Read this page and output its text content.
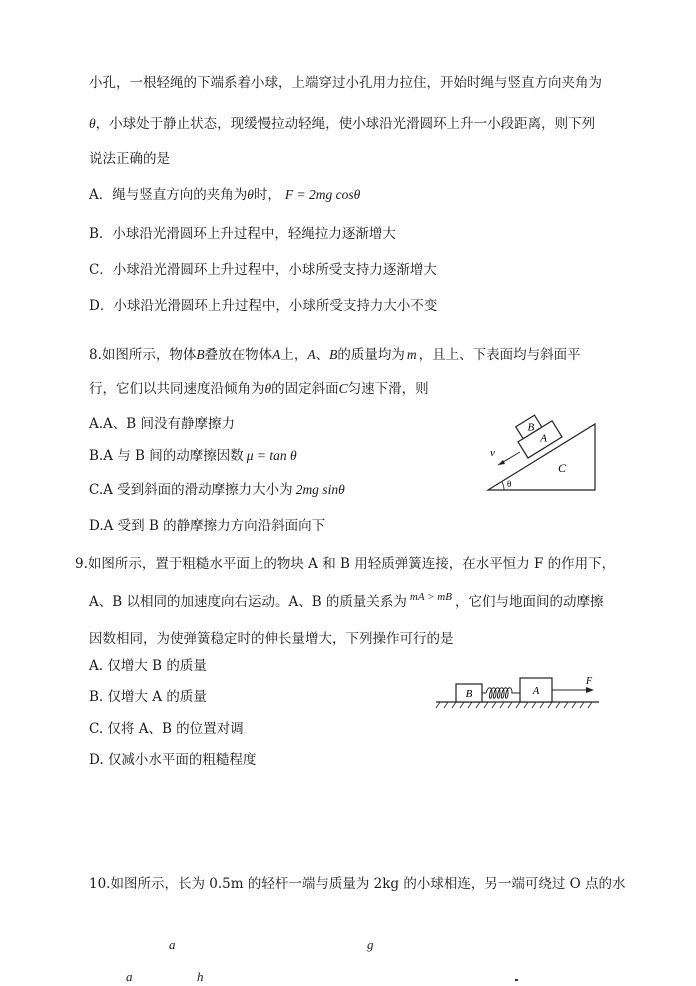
小孔，一根轻绳的下端系着小球，上端穿过小孔用力拉住，开始时绳与竖直方向夹角为
θ，小球处于静止状态，现缓慢拉动轻绳，使小球沿光滑圆环上升一小段距离，则下列
说法正确的是
A．绳与竖直方向的夹角为θ时， F = 2mg cosθ
B．小球沿光滑圆环上升过程中，轻绳拉力逐渐增大
C．小球沿光滑圆环上升过程中，小球所受支持力逐渐增大
D．小球沿光滑圆环上升过程中，小球所受支持力大小不变
8.如图所示，物体B叠放在物体A上，A、B的质量均为 m ，且上、下表面均与斜面平
行，它们以共同速度沿倾角为θ的固定斜面C匀速下滑，则
A.A、B 间没有静摩擦力
B.A 与 B 间的动摩擦因数 μ = tan θ
C.A 受到斜面的滑动摩擦力大小为 2mg sinθ
D.A 受到 B 的静摩擦力方向沿斜面向下
B
A
v
C
θ
9.如图所示，置于粗糙水平面上的物块 A 和 B 用轻质弹簧连接，在水平恒力 F 的作用下，
A、B 以相同的加速度向右运动。A、B 的质量关系为 $^{mA > mB}$ ，它们与地面间的动摩擦
因数相同，为使弹簧稳定时的伸长量增大，下列操作可行的是
A. 仅增大 B 的质量
B. 仅增大 A 的质量
C. 仅将 A、B 的位置对调
D. 仅减小水平面的粗糙程度
B	A
F
10.如图所示，长为 0.5m 的轻杆一端与质量为 2kg 的小球相连，另一端可绕过 O 点的水
a	g
a	h
